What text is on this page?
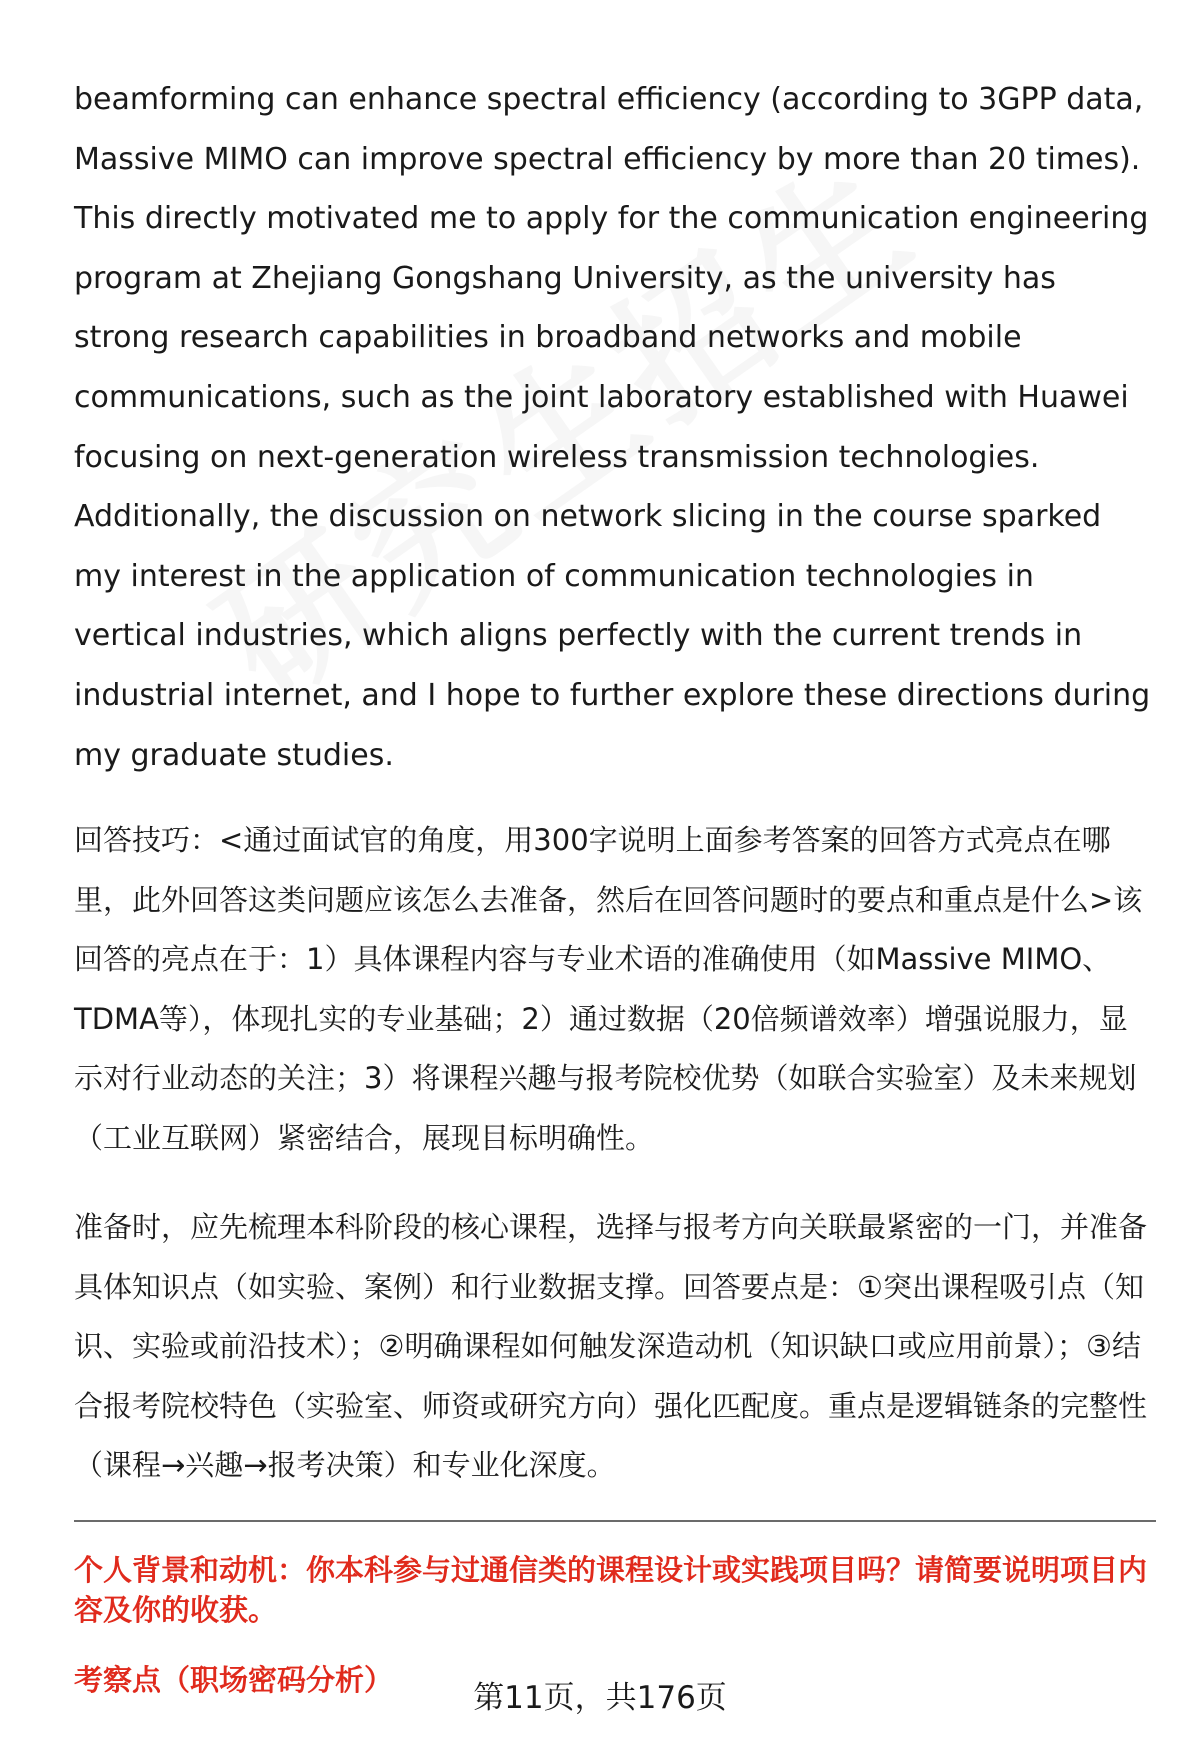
beamforming can enhance spectral efficiency (according to 3GPP data, Massive MIMO can improve spectral efficiency by more than 20 times). This directly motivated me to apply for the communication engineering program at Zhejiang Gongshang University, as the university has strong research capabilities in broadband networks and mobile communications, such as the joint laboratory established with Huawei focusing on next-generation wireless transmission technologies. Additionally, the discussion on network slicing in the course sparked my interest in the application of communication technologies in vertical industries, which aligns perfectly with the current trends in industrial internet, and I hope to further explore these directions during my graduate studies.

回答技巧：<通过面试官的角度，用300字说明上面参考答案的回答方式亮点在哪里，此外回答这类问题应该怎么去准备，然后在回答问题时的要点和重点是什么>该回答的亮点在于：1）具体课程内容与专业术语的准确使用（如Massive MIMO、TDMA等），体现扎实的专业基础；2）通过数据（20倍频谱效率）增强说服力，显示对行业动态的关注；3）将课程兴趣与报考院校优势（如联合实验室）及未来规划（工业互联网）紧密结合，展现目标明确性。

准备时，应先梳理本科阶段的核心课程，选择与报考方向关联最紧密的一门，并准备具体知识点（如实验、案例）和行业数据支撑。回答要点是：①突出课程吸引点（知识、实验或前沿技术）；②明确课程如何触发深造动机（知识缺口或应用前景）；③结合报考院校特色（实验室、师资或研究方向）强化匹配度。重点是逻辑链条的完整性（课程→兴趣→报考决策）和专业化深度。

个人背景和动机：你本科参与过通信类的课程设计或实践项目吗？请简要说明项目内容及你的收获。

考察点（职场密码分析）

第11页，共176页
